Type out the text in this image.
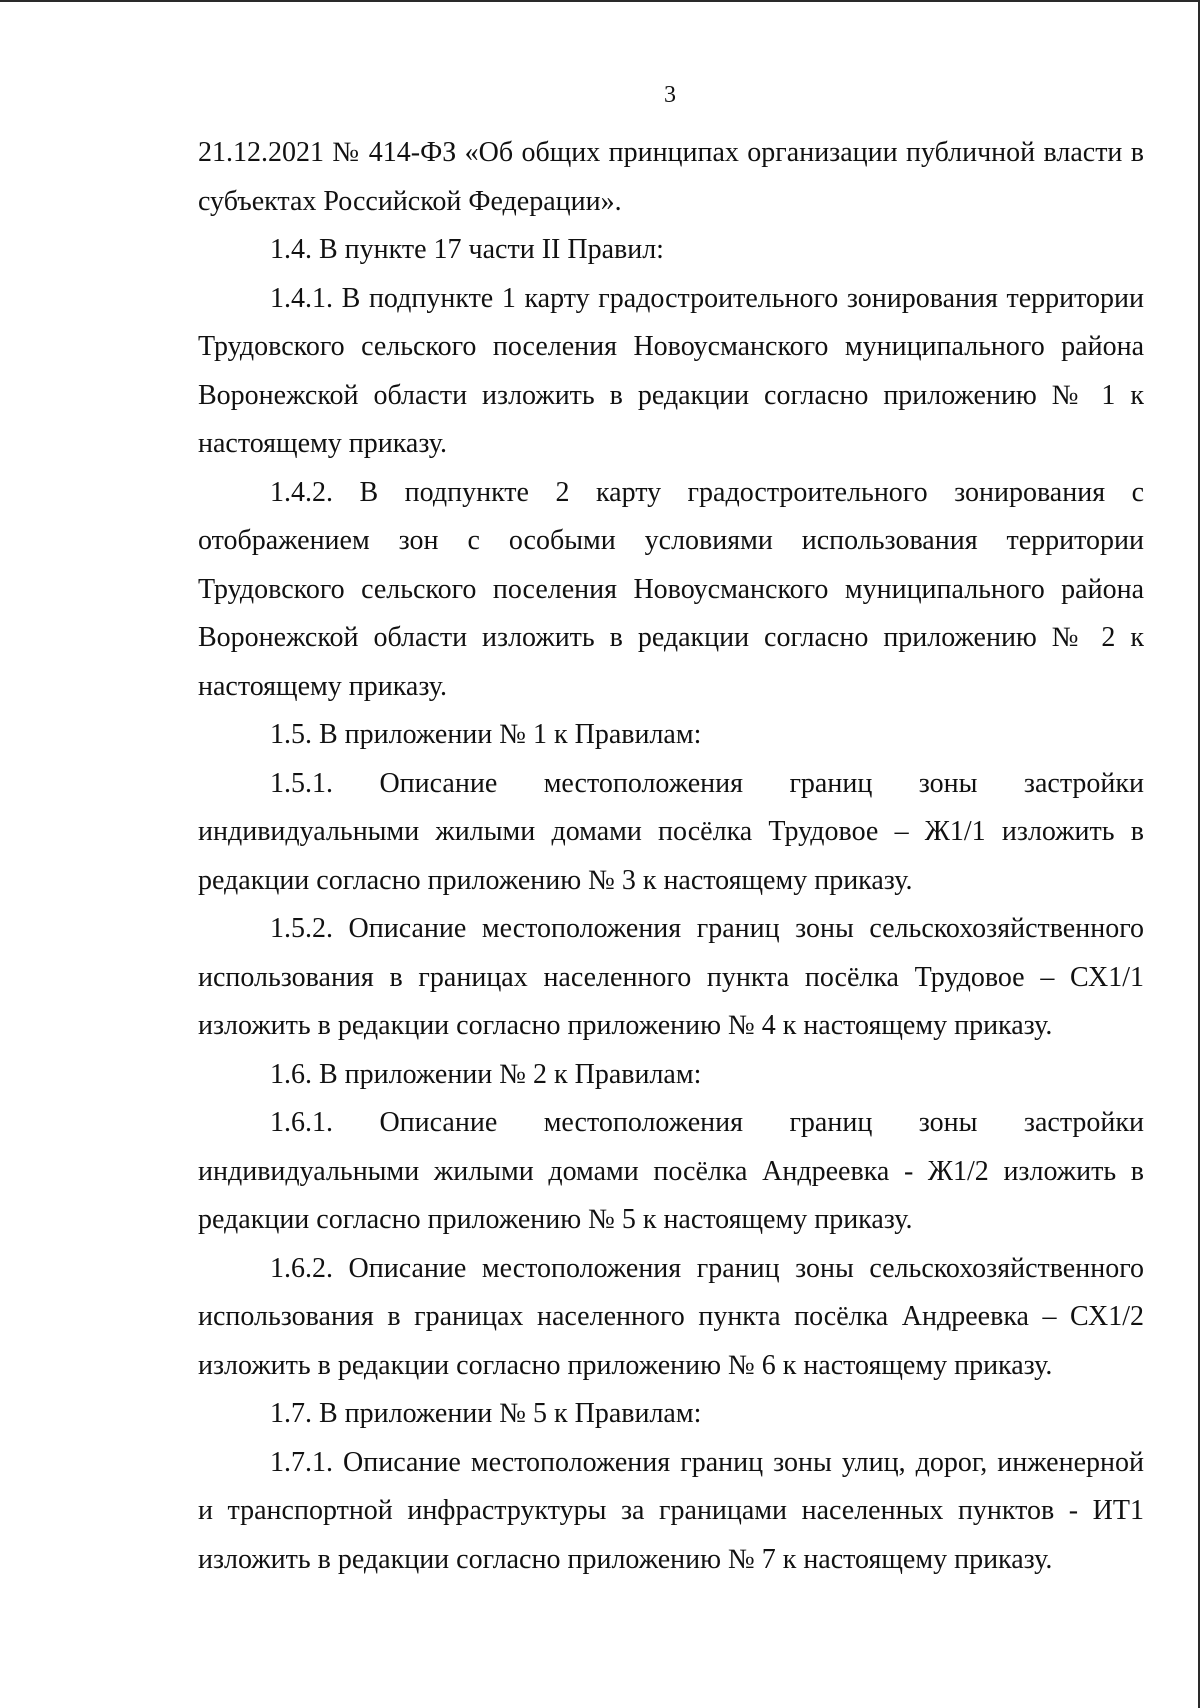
3

21.12.2021 № 414-ФЗ «Об общих принципах организации публичной власти в субъектах Российской Федерации».

1.4. В пункте 17 части II Правил:

1.4.1. В подпункте 1 карту градостроительного зонирования территории Трудовского сельского поселения Новоусманского муниципального района Воронежской области изложить в редакции согласно приложению № 1 к настоящему приказу.

1.4.2. В подпункте 2 карту градостроительного зонирования с отображением зон с особыми условиями использования территории Трудовского сельского поселения Новоусманского муниципального района Воронежской области изложить в редакции согласно приложению № 2 к настоящему приказу.

1.5. В приложении № 1 к Правилам:

1.5.1. Описание местоположения границ зоны застройки индивидуальными жилыми домами посёлка Трудовое – Ж1/1 изложить в редакции согласно приложению № 3 к настоящему приказу.

1.5.2. Описание местоположения границ зоны сельскохозяйственного использования в границах населенного пункта посёлка Трудовое – СХ1/1 изложить в редакции согласно приложению № 4 к настоящему приказу.

1.6. В приложении № 2 к Правилам:

1.6.1. Описание местоположения границ зоны застройки индивидуальными жилыми домами посёлка Андреевка - Ж1/2 изложить в редакции согласно приложению № 5 к настоящему приказу.

1.6.2. Описание местоположения границ зоны сельскохозяйственного использования в границах населенного пункта посёлка Андреевка – СХ1/2 изложить в редакции согласно приложению № 6 к настоящему приказу.

1.7. В приложении № 5 к Правилам:

1.7.1. Описание местоположения границ зоны улиц, дорог, инженерной и транспортной инфраструктуры за границами населенных пунктов - ИТ1 изложить в редакции согласно приложению № 7 к настоящему приказу.
